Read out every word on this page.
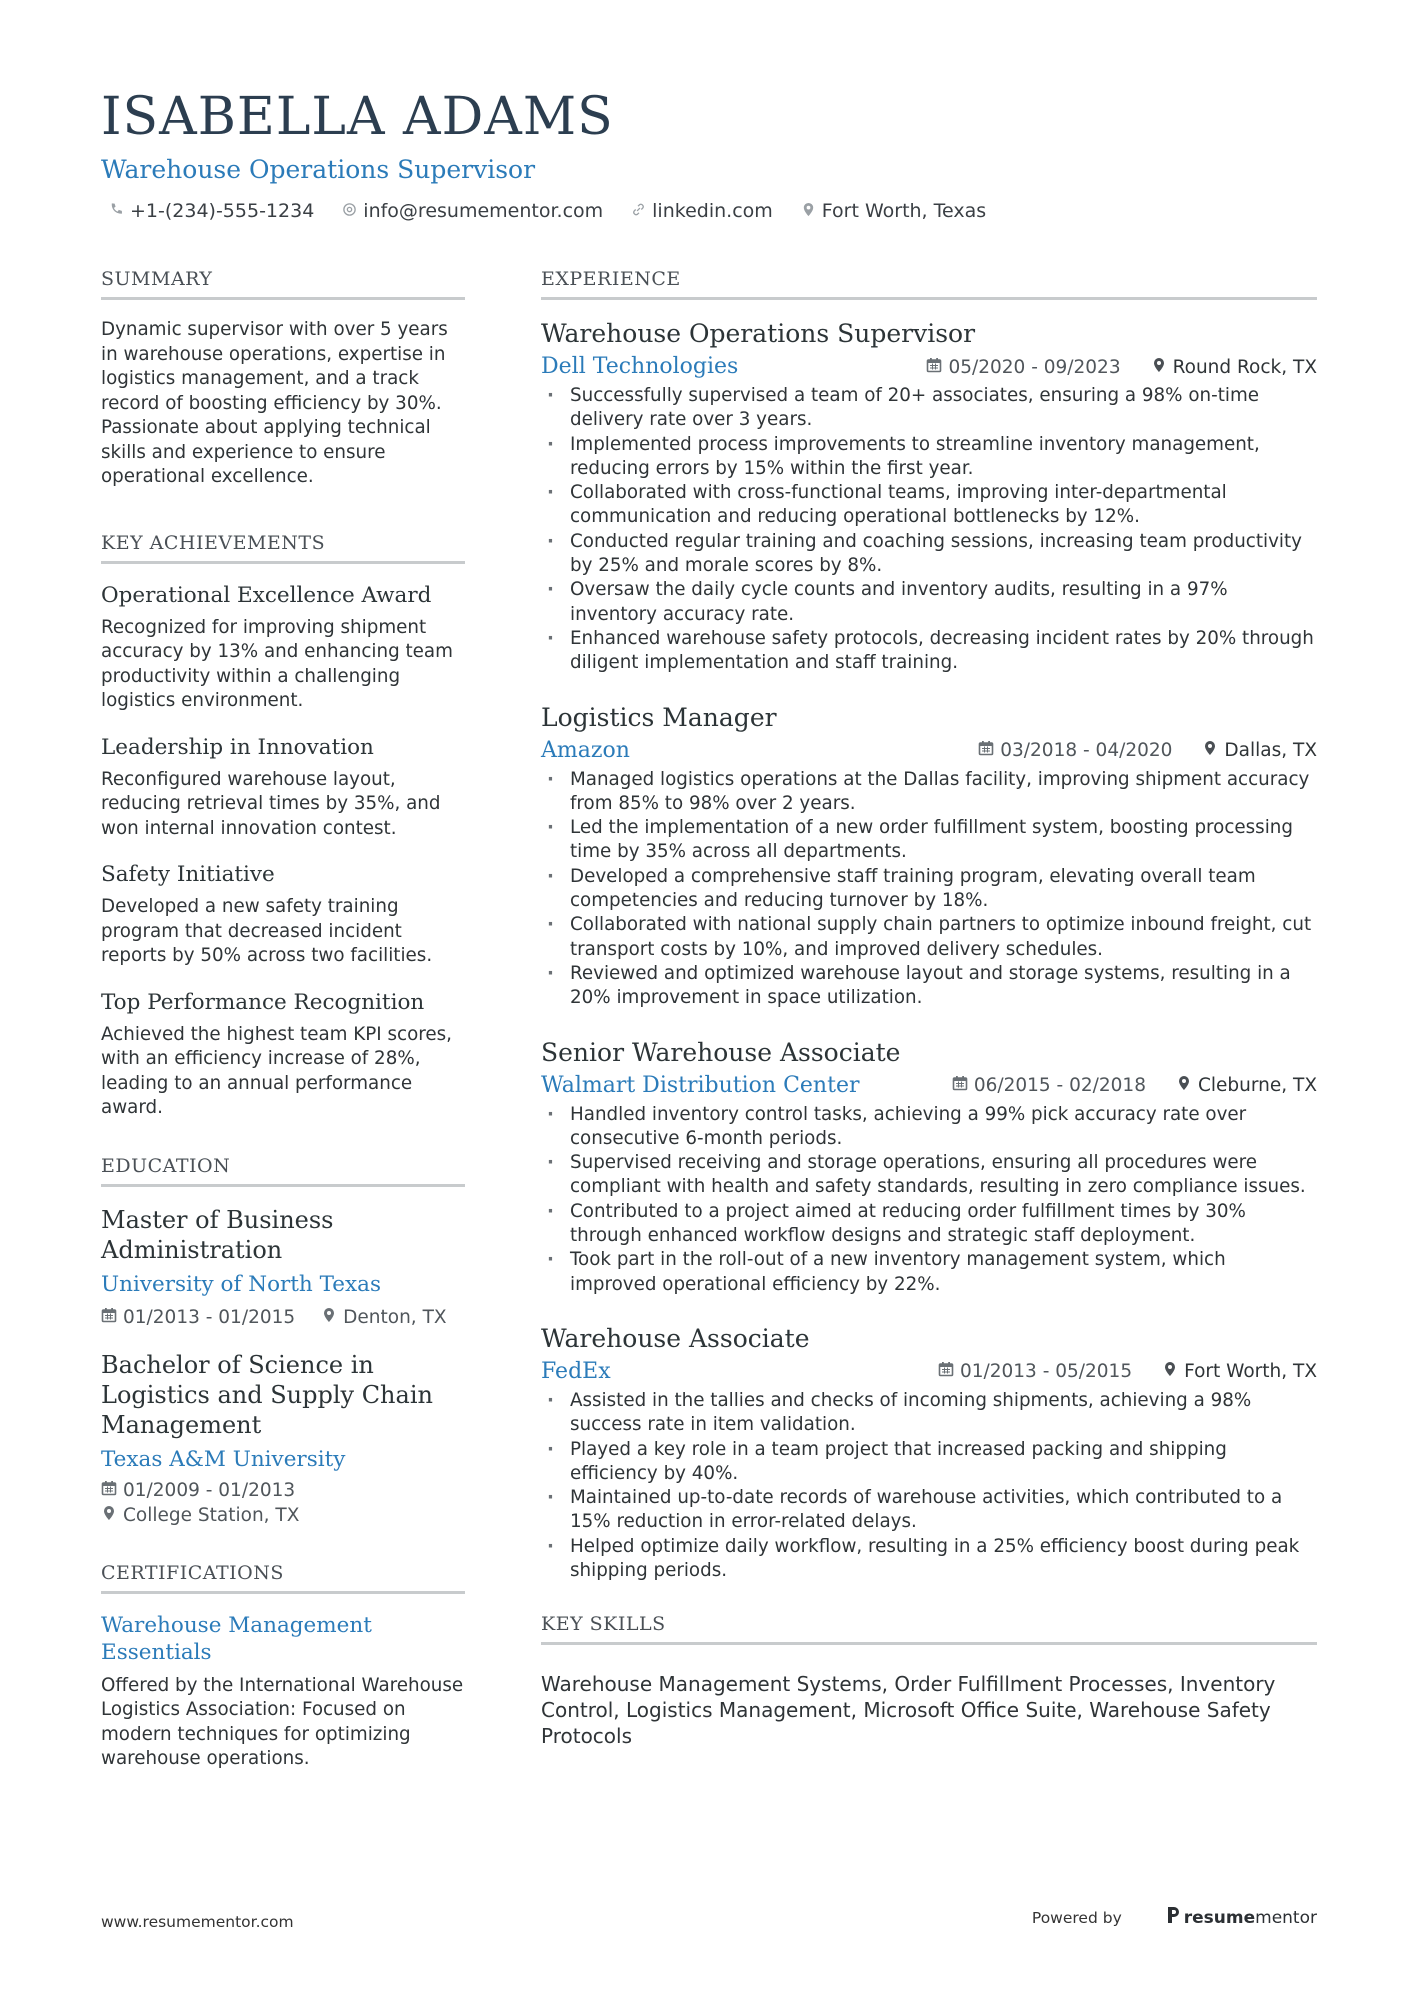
ISABELLA ADAMS
Warehouse Operations Supervisor
+1-(234)-555-1234	info@resumementor.com	linkedin.com	Fort Worth, Texas
SUMMARY
Dynamic supervisor with over 5 years in warehouse operations, expertise in logistics management, and a track record of boosting efficiency by 30%. Passionate about applying technical skills and experience to ensure operational excellence.
KEY ACHIEVEMENTS
Operational Excellence Award
Recognized for improving shipment accuracy by 13% and enhancing team productivity within a challenging logistics environment.
Leadership in Innovation
Reconfigured warehouse layout, reducing retrieval times by 35%, and won internal innovation contest.
Safety Initiative
Developed a new safety training program that decreased incident reports by 50% across two facilities.
Top Performance Recognition
Achieved the highest team KPI scores, with an efficiency increase of 28%, leading to an annual performance award.
EDUCATION
Master of Business Administration
University of North Texas
01/2013 - 01/2015	Denton, TX
Bachelor of Science in Logistics and Supply Chain Management
Texas A&M University
01/2009 - 01/2013
College Station, TX
CERTIFICATIONS
Warehouse Management Essentials
Offered by the International Warehouse Logistics Association: Focused on modern techniques for optimizing warehouse operations.
EXPERIENCE
Warehouse Operations Supervisor
Dell Technologies	05/2020 - 09/2023	Round Rock, TX
· Successfully supervised a team of 20+ associates, ensuring a 98% on-time delivery rate over 3 years.
· Implemented process improvements to streamline inventory management, reducing errors by 15% within the first year.
· Collaborated with cross-functional teams, improving inter-departmental communication and reducing operational bottlenecks by 12%.
· Conducted regular training and coaching sessions, increasing team productivity by 25% and morale scores by 8%.
· Oversaw the daily cycle counts and inventory audits, resulting in a 97% inventory accuracy rate.
· Enhanced warehouse safety protocols, decreasing incident rates by 20% through diligent implementation and staff training.
Logistics Manager
Amazon	03/2018 - 04/2020	Dallas, TX
· Managed logistics operations at the Dallas facility, improving shipment accuracy from 85% to 98% over 2 years.
· Led the implementation of a new order fulfillment system, boosting processing time by 35% across all departments.
· Developed a comprehensive staff training program, elevating overall team competencies and reducing turnover by 18%.
· Collaborated with national supply chain partners to optimize inbound freight, cut transport costs by 10%, and improved delivery schedules.
· Reviewed and optimized warehouse layout and storage systems, resulting in a 20% improvement in space utilization.
Senior Warehouse Associate
Walmart Distribution Center	06/2015 - 02/2018	Cleburne, TX
· Handled inventory control tasks, achieving a 99% pick accuracy rate over consecutive 6-month periods.
· Supervised receiving and storage operations, ensuring all procedures were compliant with health and safety standards, resulting in zero compliance issues.
· Contributed to a project aimed at reducing order fulfillment times by 30% through enhanced workflow designs and strategic staff deployment.
· Took part in the roll-out of a new inventory management system, which improved operational efficiency by 22%.
Warehouse Associate
FedEx	01/2013 - 05/2015	Fort Worth, TX
· Assisted in the tallies and checks of incoming shipments, achieving a 98% success rate in item validation.
· Played a key role in a team project that increased packing and shipping efficiency by 40%.
· Maintained up-to-date records of warehouse activities, which contributed to a 15% reduction in error-related delays.
· Helped optimize daily workflow, resulting in a 25% efficiency boost during peak shipping periods.
KEY SKILLS
Warehouse Management Systems, Order Fulfillment Processes, Inventory Control, Logistics Management, Microsoft Office Suite, Warehouse Safety Protocols
www.resumementor.com	Powered by	resume mentor
